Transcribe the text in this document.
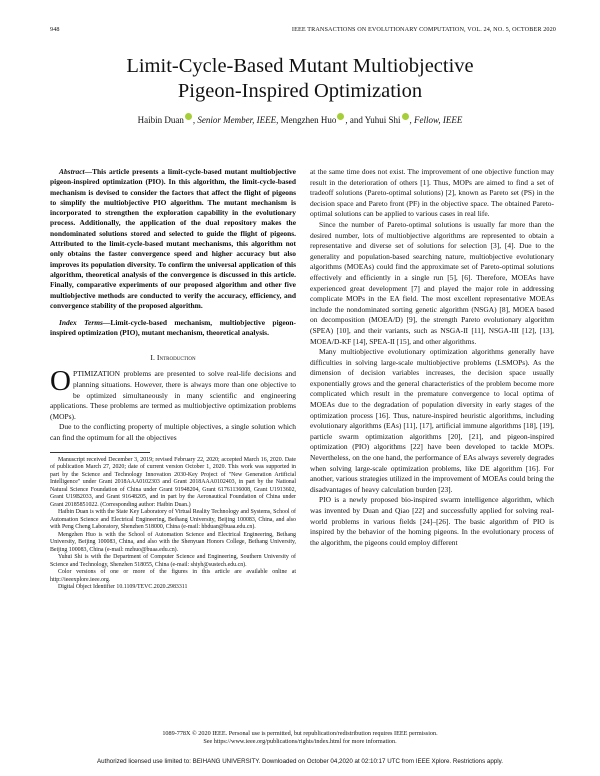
948	IEEE TRANSACTIONS ON EVOLUTIONARY COMPUTATION, VOL. 24, NO. 5, OCTOBER 2020
Limit-Cycle-Based Mutant Multiobjective
Pigeon-Inspired Optimization
Haibin Duan , Senior Member, IEEE, Mengzhen Huo , and Yuhui Shi , Fellow, IEEE
Abstract—This article presents a limit-cycle-based mutant multiobjective pigeon-inspired optimization (PIO). In this algorithm, the limit-cycle-based mechanism is devised to consider the factors that affect the flight of pigeons to simplify the multiobjective PIO algorithm. The mutant mechanism is incorporated to strengthen the exploration capability in the evolutionary process. Additionally, the application of the dual repository makes the nondominated solutions stored and selected to guide the flight of pigeons. Attributed to the limit-cycle-based mutant mechanisms, this algorithm not only obtains the faster convergence speed and higher accuracy but also improves its population diversity. To confirm the universal application of this algorithm, theoretical analysis of the convergence is discussed in this article. Finally, comparative experiments of our proposed algorithm and other five multiobjective methods are conducted to verify the accuracy, efficiency, and convergence stability of the proposed algorithm.
Index Terms—Limit-cycle-based mechanism, multiobjective pigeon-inspired optimization (PIO), mutant mechanism, theoretical analysis.
I. Introduction

OPTIMIZATION problems are presented to solve real-life decisions and planning situations. However, there is always more than one objective to be optimized simultaneously in many scientific and engineering applications. These problems are termed as multiobjective optimization problems (MOPs).

Due to the conflicting property of multiple objectives, a single solution which can find the optimum for all the objectives

Manuscript received December 3, 2019; revised February 22, 2020; accepted March 16, 2020. Date of publication March 27, 2020; date of current version October 1, 2020. This work was supported in part by the Science and Technology Innovation 2030-Key Project of "New Generation Artificial Intelligence" under Grant 2018AAA0102303 and Grant 2018AAA0102403, in part by the National Natural Science Foundation of China under Grant 91948204, Grant 61761136008, Grant U1913602, Grant U19B2033, and Grant 91648205, and in part by the Aeronautical Foundation of China under Grant 20185851022. (Corresponding author: Haibin Duan.)

Haibin Duan is with the State Key Laboratory of Virtual Reality Technology and Systems, School of Automation Science and Electrical Engineering, Beihang University, Beijing 100083, China, and also with Peng Cheng Laboratory, Shenzhen 518000, China (e-mail: hbduan@buaa.edu.cn).

Mengzhen Huo is with the School of Automation Science and Electrical Engineering, Beihang University, Beijing 100083, China, and also with the Shenyuan Honors College, Beihang University, Beijing 100083, China (e-mail: mzhuo@buaa.edu.cn).

Yuhui Shi is with the Department of Computer Science and Engineering, Southern University of Science and Technology, Shenzhen 518055, China (e-mail: shiyh@sustech.edu.cn).

Color versions of one or more of the figures in this article are available online at http://ieeexplore.ieee.org.

Digital Object Identifier 10.1109/TEVC.2020.2983311

at the same time does not exist. The improvement of one objective function may result in the deterioration of others [1]. Thus, MOPs are aimed to find a set of tradeoff solutions (Pareto-optimal solutions) [2], known as Pareto set (PS) in the decision space and Pareto front (PF) in the objective space. The obtained Pareto-optimal solutions can be applied to various cases in real life.

Since the number of Pareto-optimal solutions is usually far more than the desired number, lots of multiobjective algorithms are represented to obtain a representative and diverse set of solutions for selection [3], [4]. Due to the generality and population-based searching nature, multiobjective evolutionary algorithms (MOEAs) could find the approximate set of Pareto-optimal solutions effectively and efficiently in a single run [5], [6]. Therefore, MOEAs have experienced great development [7] and played the major role in addressing complicate MOPs in the EA field. The most excellent representative MOEAs include the nondominated sorting genetic algorithm (NSGA) [8], MOEA based on decomposition (MOEA/D) [9], the strength Pareto evolutionary algorithm (SPEA) [10], and their variants, such as NSGA-II [11], NSGA-III [12], [13], MOEA/D-KF [14], SPEA-II [15], and other algorithms.

Many multiobjective evolutionary optimization algorithms generally have difficulties in solving large-scale multiobjective problems (LSMOPs). As the dimension of decision variables increases, the decision space usually exponentially grows and the general characteristics of the problem become more complicated which result in the premature convergence to local optima of MOEAs due to the degradation of population diversity in early stages of the optimization process [16]. Thus, nature-inspired heuristic algorithms, including evolutionary algorithms (EAs) [11], [17], artificial immune algorithms [18], [19], particle swarm optimization algorithms [20], [21], and pigeon-inspired optimization (PIO) algorithms [22] have been developed to tackle MOPs. Nevertheless, on the one hand, the performance of EAs always severely degrades when solving large-scale optimization problems, like DE algorithm [16]. For another, various strategies utilized in the improvement of MOEAs could bring the disadvantages of heavy calculation burden [23].

PIO is a newly proposed bio-inspired swarm intelligence algorithm, which was invented by Duan and Qiao [22] and successfully applied for solving real-world problems in various fields [24]–[26]. The basic algorithm of PIO is inspired by the behavior of the homing pigeons. In the evolutionary process of the algorithm, the pigeons could employ different

1089-778X © 2020 IEEE. Personal use is permitted, but republication/redistribution requires IEEE permission.
See https://www.ieee.org/publications/rights/index.html for more information.
Authorized licensed use limited to: BEIHANG UNIVERSITY. Downloaded on October 04,2020 at 02:10:17 UTC from IEEE Xplore. Restrictions apply.
